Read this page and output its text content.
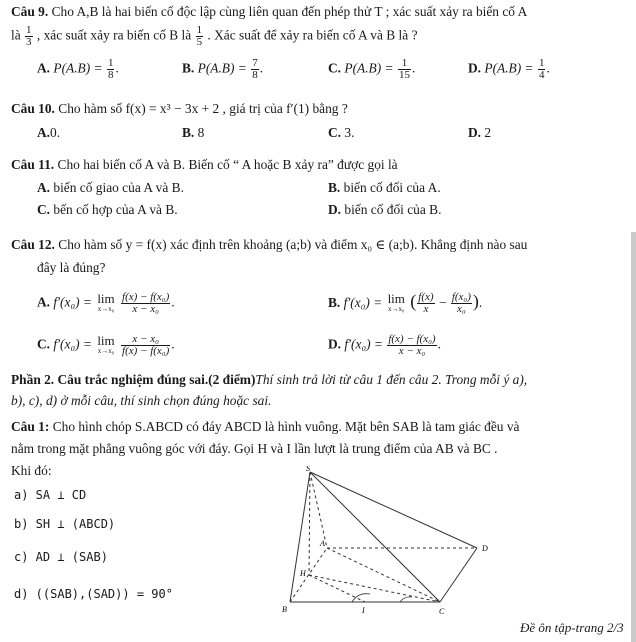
Câu 9. Cho A,B là hai biến cố độc lập cùng liên quan đến phép thử T ; xác suất xảy ra biến cố A
là $\frac{1}{3}$ , xác suất xảy ra biến cố B là $\frac{1}{5}$ . Xác suất để xảy ra biến cố A và B là ?
A. $P(A.B) = \frac{1}{8}$ .	B. $P(A.B) = \frac{7}{8}$ .	C. $P(A.B) = \frac{1}{15}$ .	D. $P(A.B) = \frac{1}{4}$ .
Câu 10. Cho hàm số f(x) = x³ − 3x + 2 , giá trị của f′(1) bằng ?
A.0.	B. 8	C. 3.	D. 2
Câu 11. Cho hai biến cố A và B. Biến cố “ A hoặc B xảy ra” được gọi là
A. biến cố giao của A và B.	B. biến cố đối của A.
C. bến cố hợp của A và B.	D. biến cố đối của B.
Câu 12. Cho hàm số y = f(x) xác định trên khoảng (a;b) và điểm x₀ ∈ (a;b). Khẳng định nào sau
đây là đúng?
A. f′(x₀) = lim
x→x₀
$\frac{\text{f(x) − f(x₀)}}{\text{x − x₀}}$ .	B. f′(x₀) = lim
x→x₀ ( $\frac{f(x)}{x} - \frac{\text{f(x₀)}}{\text{x₀}}$ ).
C. f′(x₀) = lim
x→x₀
$\frac{\text{x − x₀}}{\text{f(x) − f(x₀)}}$ .	D. $f'(x_0) = \frac{\text{f(x) − f(x₀)}}{\text{x − x₀}}$ .
Phần 2. Câu trắc nghiệm đúng sai.(2 điểm)Thí sinh trả lời từ câu 1 đến câu 2. Trong mỗi ý a),
b), c), d) ở mỗi câu, thí sinh chọn đúng hoặc sai.
Câu 1: Cho hình chóp S.ABCD có đáy ABCD là hình vuông. Mặt bên SAB là tam giác đều và
nằm trong mặt phẳng vuông góc với đáy. Gọi H và I lần lượt là trung điểm của AB và BC .
Khi đó:
a) SA ⊥ CD
b) SH ⊥ (ABCD)
c) AD ⊥ (SAB)
d) ((SAB),(SAD)) = 90°
S
A
B	C
D
H
I
Đề ôn tập-trang 2/3
